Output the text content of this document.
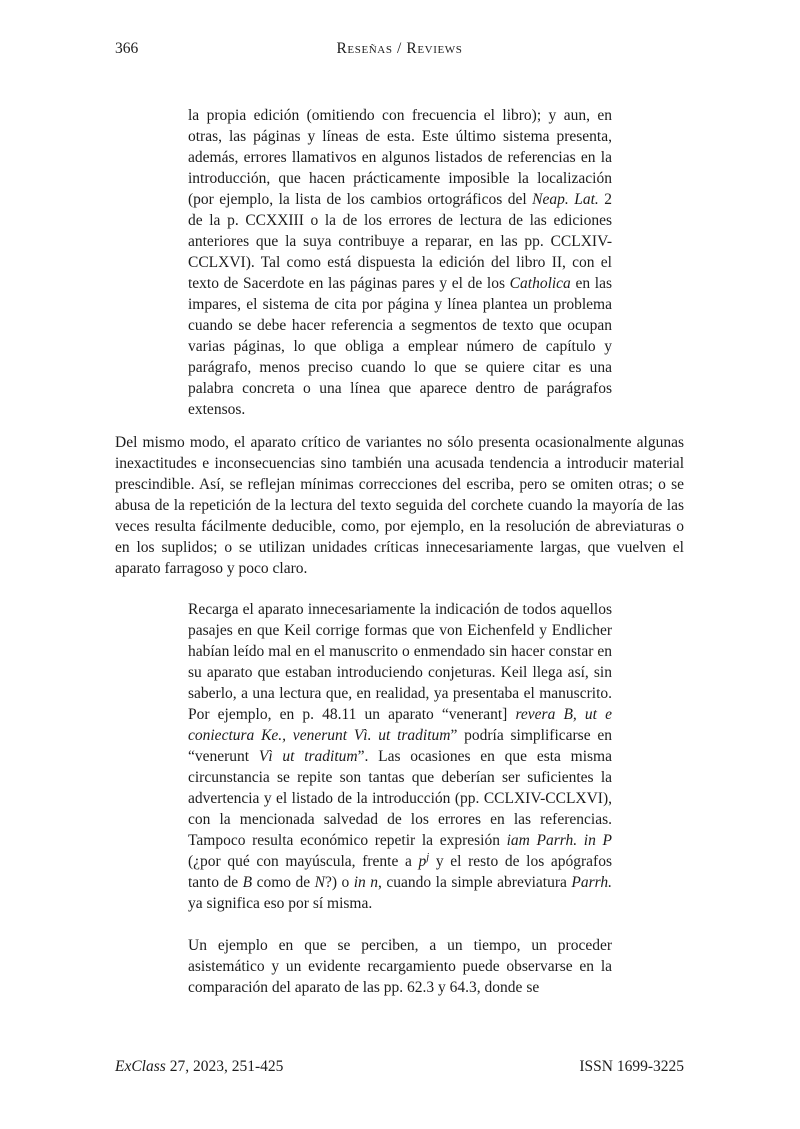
366	Reseñas / Reviews
la propia edición (omitiendo con frecuencia el libro); y aun, en otras, las páginas y líneas de esta. Este último sistema presenta, además, errores llamativos en algunos listados de referencias en la introducción, que hacen prácticamente imposible la localización (por ejemplo, la lista de los cambios ortográficos del Neap. Lat. 2 de la p. CCXXIII o la de los errores de lectura de las ediciones anteriores que la suya contribuye a reparar, en las pp. CCLXIV-CCLXVI). Tal como está dispuesta la edición del libro II, con el texto de Sacerdote en las páginas pares y el de los Catholica en las impares, el sistema de cita por página y línea plantea un problema cuando se debe hacer referencia a segmentos de texto que ocupan varias páginas, lo que obliga a emplear número de capítulo y parágrafo, menos preciso cuando lo que se quiere citar es una palabra concreta o una línea que aparece dentro de parágrafos extensos.

Del mismo modo, el aparato crítico de variantes no sólo presenta ocasionalmente algunas inexactitudes e inconsecuencias sino también una acusada tendencia a introducir material prescindible. Así, se reflejan mínimas correcciones del escriba, pero se omiten otras; o se abusa de la repetición de la lectura del texto seguida del corchete cuando la mayoría de las veces resulta fácilmente deducible, como, por ejemplo, en la resolución de abreviaturas o en los suplidos; o se utilizan unidades críticas innecesariamente largas, que vuelven el aparato farragoso y poco claro.

Recarga el aparato innecesariamente la indicación de todos aquellos pasajes en que Keil corrige formas que von Eichenfeld y Endlicher habían leído mal en el manuscrito o enmendado sin hacer constar en su aparato que estaban introduciendo conjeturas. Keil llega así, sin saberlo, a una lectura que, en realidad, ya presentaba el manuscrito. Por ejemplo, en p. 48.11 un aparato “venerant] revera B, ut e coniectura Ke., venerunt Vì. ut traditum” podría simplificarse en “venerunt Vì ut traditum”. Las ocasiones en que esta misma circunstancia se repite son tantas que deberían ser suficientes la advertencia y el listado de la introducción (pp. CCLXIV-CCLXVI), con la mencionada salvedad de los errores en las referencias. Tampoco resulta económico repetir la expresión iam Parrh. in P (¿por qué con mayúscula, frente a $p^j$ y el resto de los apógrafos tanto de B como de N?) o in n, cuando la simple abreviatura Parrh. ya significa eso por sí misma.
Un ejemplo en que se perciben, a un tiempo, un proceder asistemático y un evidente recargamiento puede observarse en la comparación del aparato de las pp. 62.3 y 64.3, donde se
ExClass 27, 2023, 251-425	ISSN 1699-3225
